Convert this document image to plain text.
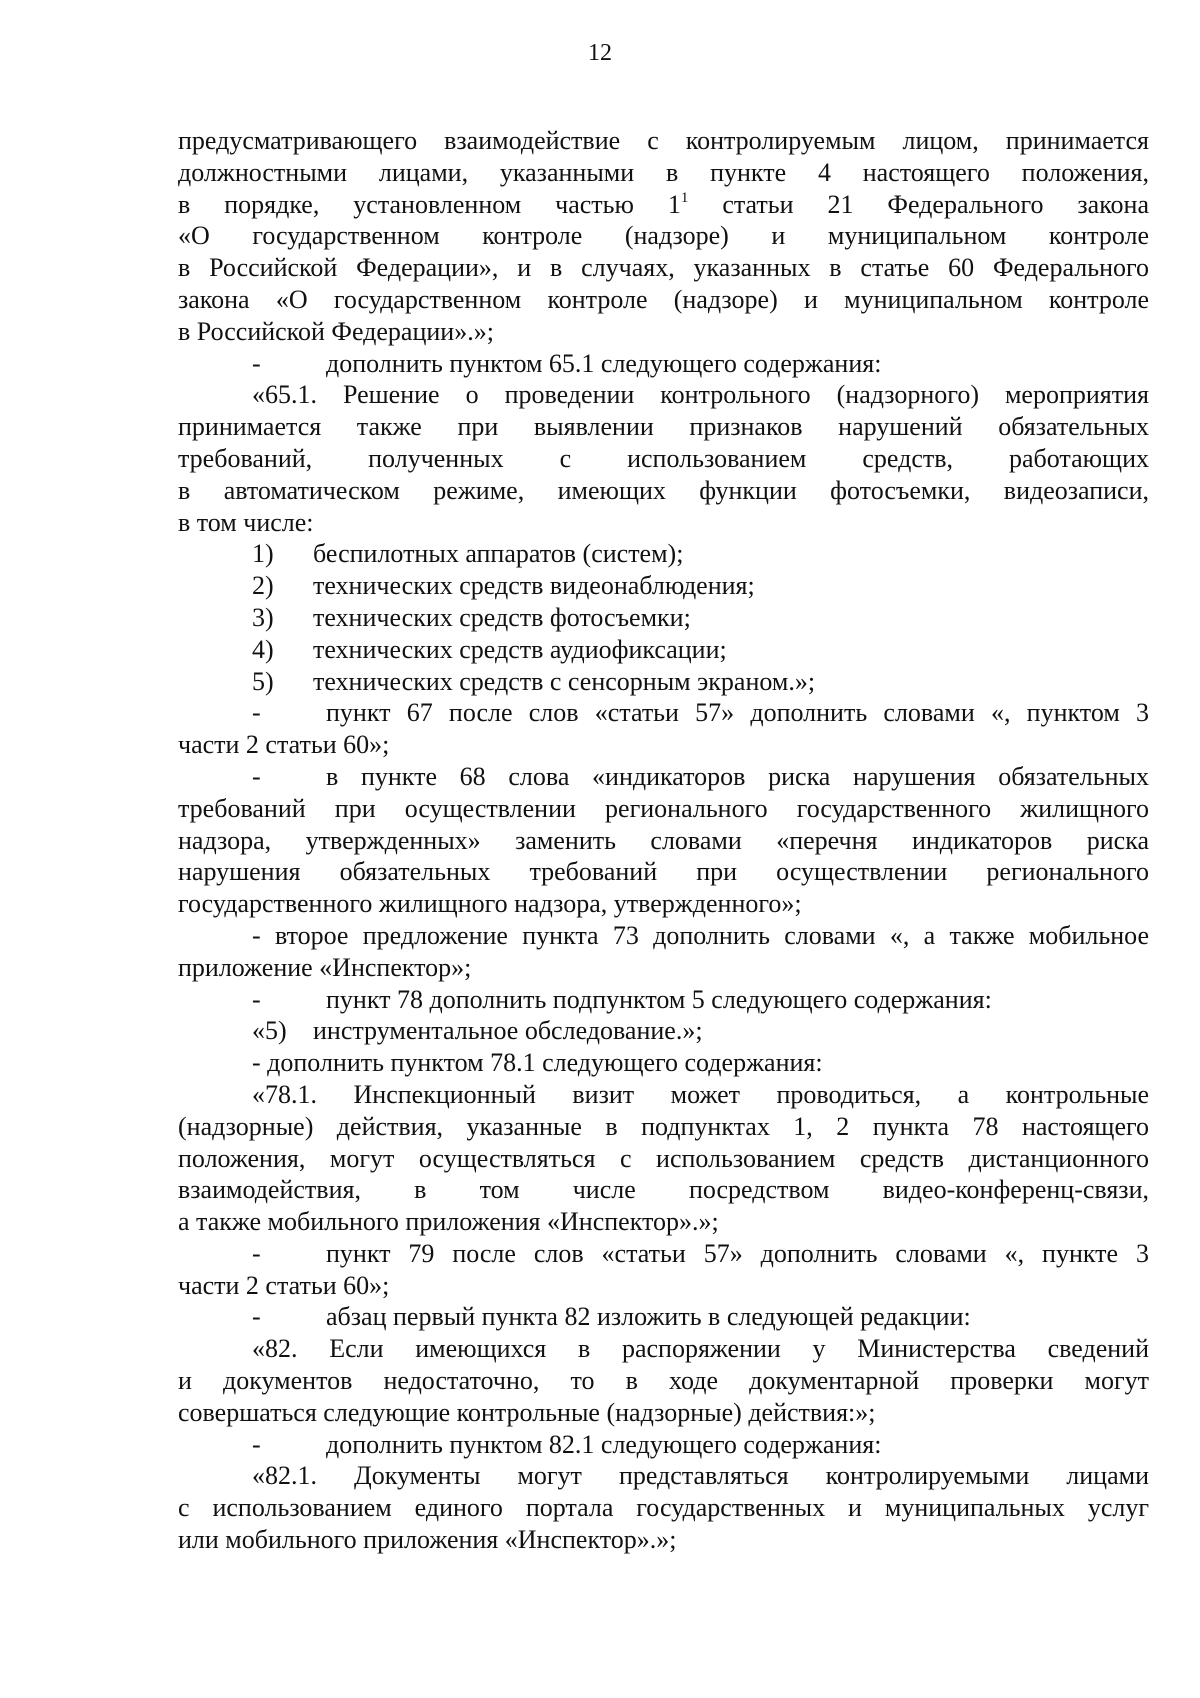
12
предусматривающего взаимодействие с контролируемым лицом, принимается
должностными лицами, указанными в пункте 4 настоящего положения,
в порядке, установленном частью $1^1$ статьи 21 Федерального закона
«О государственном контроле (надзоре) и муниципальном контроле
в Российской Федерации», и в случаях, указанных в статье 60 Федерального
закона «О государственном контроле (надзоре) и муниципальном контроле
в Российской Федерации».»;
-	дополнить пунктом 65.1 следующего содержания:
«65.1. Решение о проведении контрольного (надзорного) мероприятия
принимается также при выявлении признаков нарушений обязательных
требований, полученных с использованием средств, работающих
в автоматическом режиме, имеющих функции фотосъемки, видеозаписи,
в том числе:
1) беспилотных аппаратов (систем);
2) технических средств видеонаблюдения;
3) технических средств фотосъемки;
4) технических средств аудиофиксации;
5) технических средств с сенсорным экраном.»;
-	пункт 67 после слов «статьи 57» дополнить словами «, пунктом 3
части 2 статьи 60»;
-	в пункте 68 слова «индикаторов риска нарушения обязательных
требований при осуществлении регионального государственного жилищного
надзора, утвержденных» заменить словами «перечня индикаторов риска
нарушения обязательных требований при осуществлении регионального
государственного жилищного надзора, утвержденного»;
- второе предложение пункта 73 дополнить словами «, а также мобильное
приложение «Инспектор»;
-	пункт 78 дополнить подпунктом 5 следующего содержания:
«5) инструментальное обследование.»;
- дополнить пунктом 78.1 следующего содержания:
«78.1. Инспекционный визит может проводиться, а контрольные
(надзорные) действия, указанные в подпунктах 1, 2 пункта 78 настоящего
положения, могут осуществляться с использованием средств дистанционного
взаимодействия, в том числе посредством видео-конференц-связи,
а также мобильного приложения «Инспектор».»;
-	пункт 79 после слов «статьи 57» дополнить словами «, пункте 3
части 2 статьи 60»;
-	абзац первый пункта 82 изложить в следующей редакции:
«82. Если имеющихся в распоряжении у Министерства сведений
и документов недостаточно, то в ходе документарной проверки могут
совершаться следующие контрольные (надзорные) действия:»;
-	дополнить пунктом 82.1 следующего содержания:
«82.1. Документы могут представляться контролируемыми лицами
с использованием единого портала государственных и муниципальных услуг
или мобильного приложения «Инспектор».»;
